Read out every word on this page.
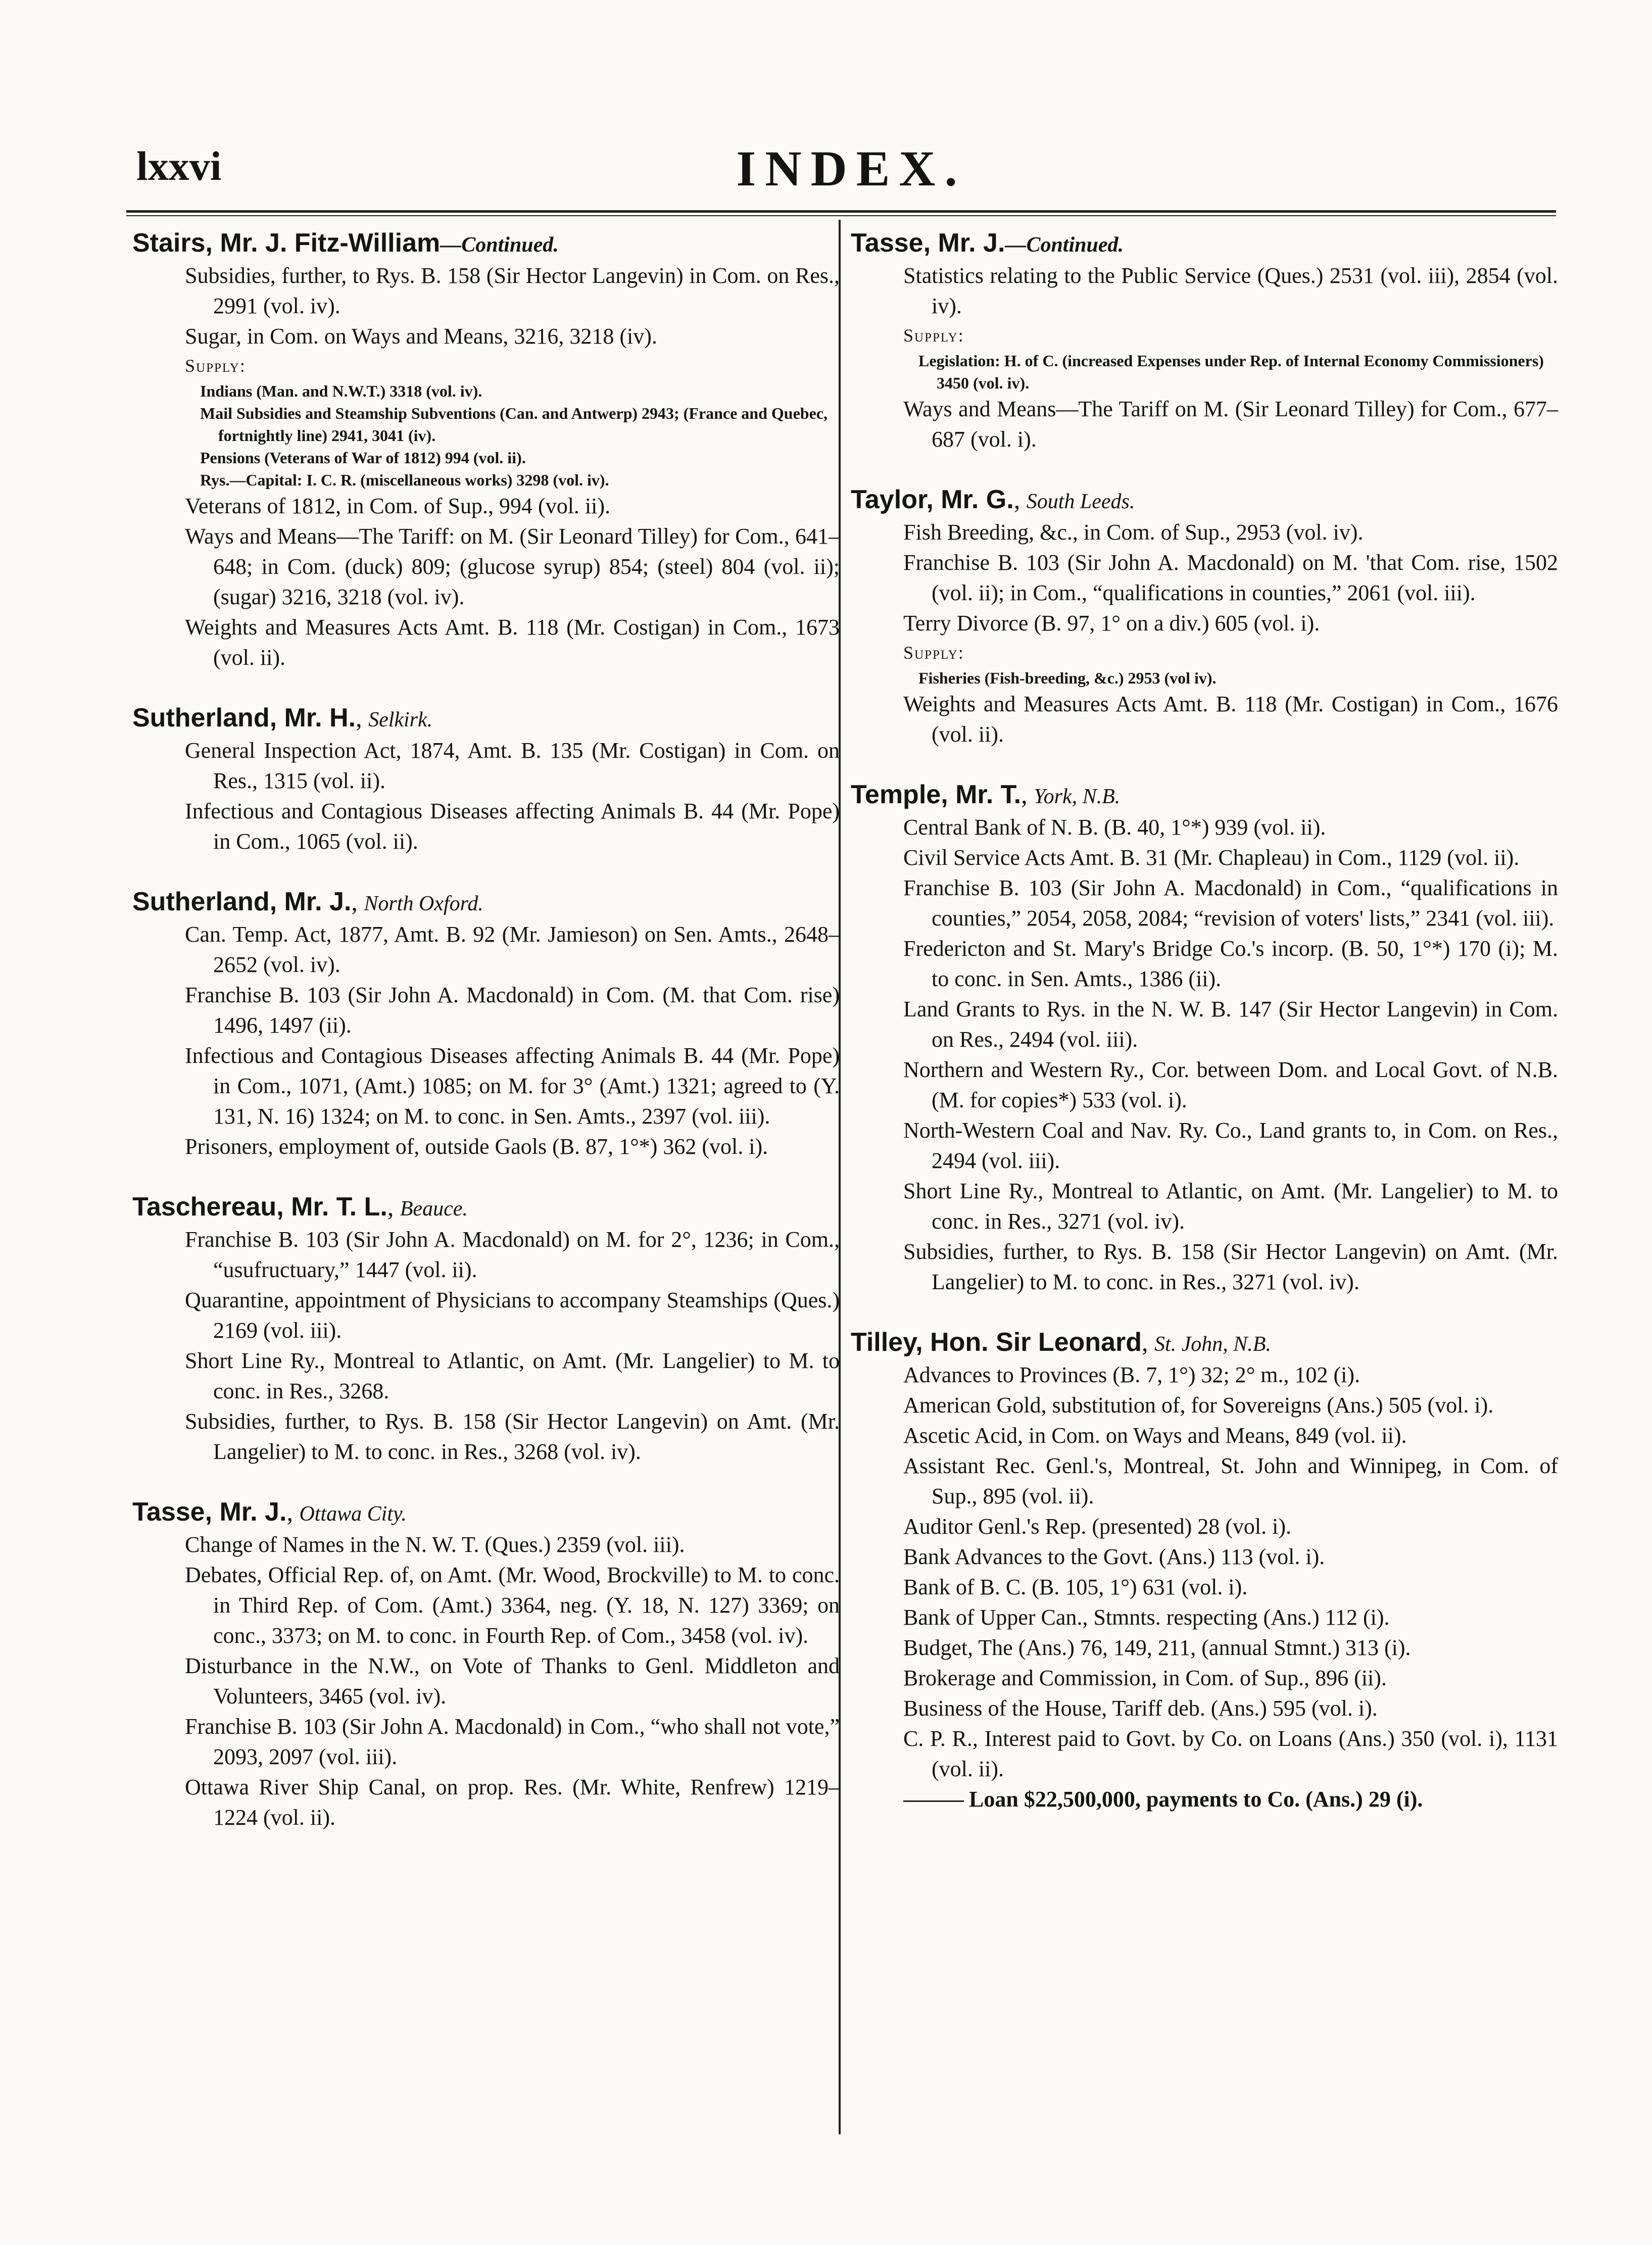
lxxvi	INDEX.
Stairs, Mr. J. Fitz-William—Continued.
Subsidies, further, to Rys. B. 158 (Sir Hector Langevin) in Com. on Res., 2991 (vol. iv).
Sugar, in Com. on Ways and Means, 3216, 3218 (iv).
Supply:
Indians (Man. and N.W.T.) 3318 (vol. iv).
Mail Subsidies and Steamship Subventions (Can. and Antwerp) 2943; (France and Quebec, fortnightly line) 2941, 3041 (iv).
Pensions (Veterans of War of 1812) 994 (vol. ii).
Rys.—Capital: I. C. R. (miscellaneous works) 3298 (vol. iv).
Veterans of 1812, in Com. of Sup., 994 (vol. ii).
Ways and Means—The Tariff: on M. (Sir Leonard Tilley) for Com., 641–648; in Com. (duck) 809; (glucose syrup) 854; (steel) 804 (vol. ii); (sugar) 3216, 3218 (vol. iv).
Weights and Measures Acts Amt. B. 118 (Mr. Costigan) in Com., 1673 (vol. ii).
Sutherland, Mr. H., Selkirk.
General Inspection Act, 1874, Amt. B. 135 (Mr. Costigan) in Com. on Res., 1315 (vol. ii).
Infectious and Contagious Diseases affecting Animals B. 44 (Mr. Pope) in Com., 1065 (vol. ii).
Sutherland, Mr. J., North Oxford.
Can. Temp. Act, 1877, Amt. B. 92 (Mr. Jamieson) on Sen. Amts., 2648–2652 (vol. iv).
Franchise B. 103 (Sir John A. Macdonald) in Com. (M. that Com. rise) 1496, 1497 (ii).
Infectious and Contagious Diseases affecting Animals B. 44 (Mr. Pope) in Com., 1071, (Amt.) 1085; on M. for 3° (Amt.) 1321; agreed to (Y. 131, N. 16) 1324; on M. to conc. in Sen. Amts., 2397 (vol. iii).
Prisoners, employment of, outside Gaols (B. 87, 1°*) 362 (vol. i).
Taschereau, Mr. T. L., Beauce.
Franchise B. 103 (Sir John A. Macdonald) on M. for 2°, 1236; in Com., “usufructuary,” 1447 (vol. ii).
Quarantine, appointment of Physicians to accompany Steamships (Ques.) 2169 (vol. iii).
Short Line Ry., Montreal to Atlantic, on Amt. (Mr. Langelier) to M. to conc. in Res., 3268.
Subsidies, further, to Rys. B. 158 (Sir Hector Langevin) on Amt. (Mr. Langelier) to M. to conc. in Res., 3268 (vol. iv).
Tasse, Mr. J., Ottawa City.
Change of Names in the N. W. T. (Ques.) 2359 (vol. iii).
Debates, Official Rep. of, on Amt. (Mr. Wood, Brockville) to M. to conc. in Third Rep. of Com. (Amt.) 3364, neg. (Y. 18, N. 127) 3369; on conc., 3373; on M. to conc. in Fourth Rep. of Com., 3458 (vol. iv).
Disturbance in the N.W., on Vote of Thanks to Genl. Middleton and Volunteers, 3465 (vol. iv).
Franchise B. 103 (Sir John A. Macdonald) in Com., “who shall not vote,” 2093, 2097 (vol. iii).
Ottawa River Ship Canal, on prop. Res. (Mr. White, Renfrew) 1219–1224 (vol. ii).
Tasse, Mr. J.—Continued.
Statistics relating to the Public Service (Ques.) 2531 (vol. iii), 2854 (vol. iv).
Supply:
Legislation: H. of C. (increased Expenses under Rep. of Internal Economy Commissioners) 3450 (vol. iv).
Ways and Means—The Tariff on M. (Sir Leonard Tilley) for Com., 677–687 (vol. i).
Taylor, Mr. G., South Leeds.
Fish Breeding, &c., in Com. of Sup., 2953 (vol. iv).
Franchise B. 103 (Sir John A. Macdonald) on M. 'that Com. rise, 1502 (vol. ii); in Com., “qualifications in counties,” 2061 (vol. iii).
Terry Divorce (B. 97, 1° on a div.) 605 (vol. i).
Supply:
Fisheries (Fish-breeding, &c.) 2953 (vol iv).
Weights and Measures Acts Amt. B. 118 (Mr. Costigan) in Com., 1676 (vol. ii).
Temple, Mr. T., York, N.B.
Central Bank of N. B. (B. 40, 1°*) 939 (vol. ii).
Civil Service Acts Amt. B. 31 (Mr. Chapleau) in Com., 1129 (vol. ii).
Franchise B. 103 (Sir John A. Macdonald) in Com., “qualifications in counties,” 2054, 2058, 2084; “revision of voters' lists,” 2341 (vol. iii).
Fredericton and St. Mary's Bridge Co.'s incorp. (B. 50, 1°*) 170 (i); M. to conc. in Sen. Amts., 1386 (ii).
Land Grants to Rys. in the N. W. B. 147 (Sir Hector Langevin) in Com. on Res., 2494 (vol. iii).
Northern and Western Ry., Cor. between Dom. and Local Govt. of N.B. (M. for copies*) 533 (vol. i).
North-Western Coal and Nav. Ry. Co., Land grants to, in Com. on Res., 2494 (vol. iii).
Short Line Ry., Montreal to Atlantic, on Amt. (Mr. Langelier) to M. to conc. in Res., 3271 (vol. iv).
Subsidies, further, to Rys. B. 158 (Sir Hector Langevin) on Amt. (Mr. Langelier) to M. to conc. in Res., 3271 (vol. iv).
Tilley, Hon. Sir Leonard, St. John, N.B.
Advances to Provinces (B. 7, 1°) 32; 2° m., 102 (i).
American Gold, substitution of, for Sovereigns (Ans.) 505 (vol. i).
Ascetic Acid, in Com. on Ways and Means, 849 (vol. ii).
Assistant Rec. Genl.'s, Montreal, St. John and Winnipeg, in Com. of Sup., 895 (vol. ii).
Auditor Genl.'s Rep. (presented) 28 (vol. i).
Bank Advances to the Govt. (Ans.) 113 (vol. i).
Bank of B. C. (B. 105, 1°) 631 (vol. i).
Bank of Upper Can., Stmnts. respecting (Ans.) 112 (i).
Budget, The (Ans.) 76, 149, 211, (annual Stmnt.) 313 (i).
Brokerage and Commission, in Com. of Sup., 896 (ii).
Business of the House, Tariff deb. (Ans.) 595 (vol. i).
C. P. R., Interest paid to Govt. by Co. on Loans (Ans.) 350 (vol. i), 1131 (vol. ii).
Loan $22,500,000, payments to Co. (Ans.) 29 (i).
